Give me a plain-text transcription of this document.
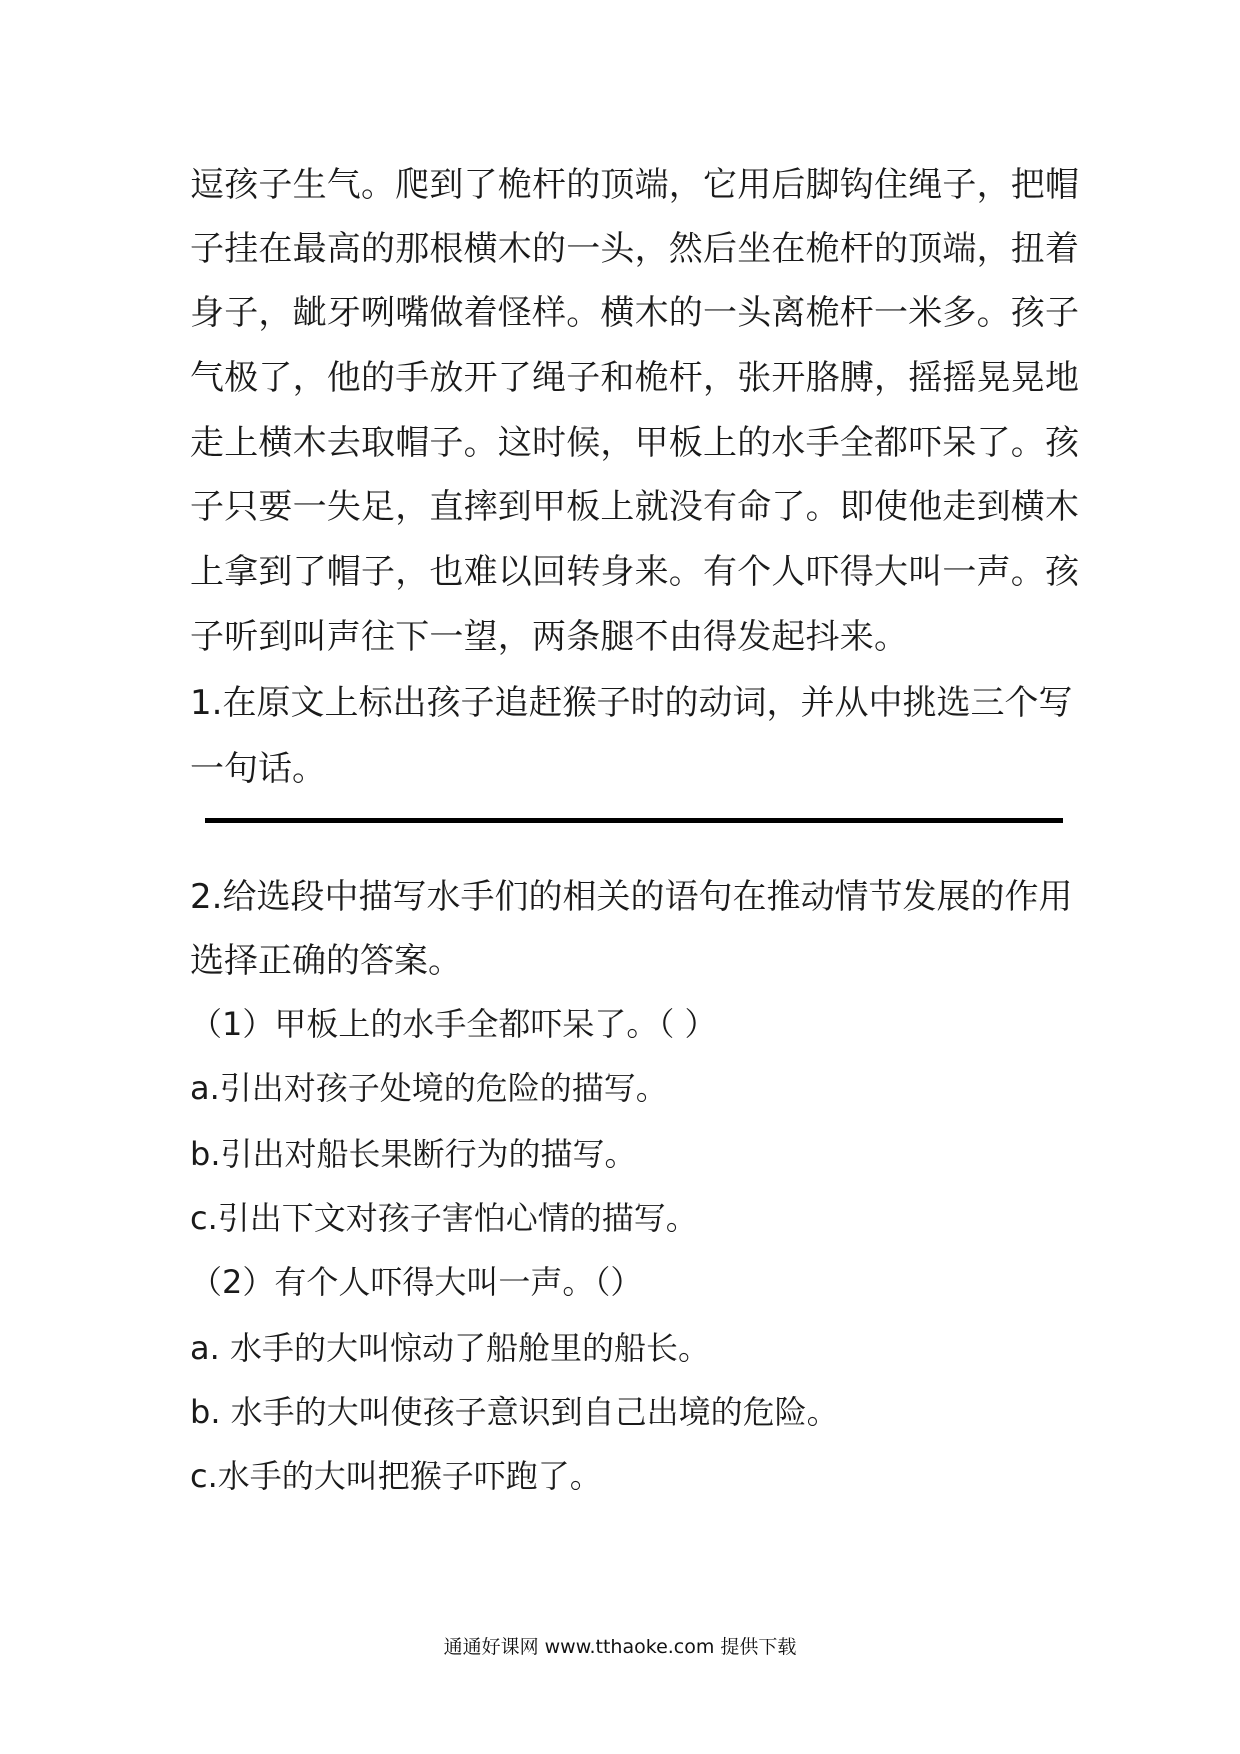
逗孩子生气。爬到了桅杆的顶端，它用后脚钩住绳子，把帽
子挂在最高的那根横木的一头，然后坐在桅杆的顶端，扭着
身子，龇牙咧嘴做着怪样。横木的一头离桅杆一米多。孩子
气极了，他的手放开了绳子和桅杆，张开胳膊，摇摇晃晃地
走上横木去取帽子。这时候，甲板上的水手全都吓呆了。孩
子只要一失足，直摔到甲板上就没有命了。即使他走到横木
上拿到了帽子，也难以回转身来。有个人吓得大叫一声。孩
子听到叫声往下一望，两条腿不由得发起抖来。
1.在原文上标出孩子追赶猴子时的动词，并从中挑选三个写
一句话。
2.给选段中描写水手们的相关的语句在推动情节发展的作用
选择正确的答案。
（1）甲板上的水手全都吓呆了。（ ）
a.引出对孩子处境的危险的描写。
b.引出对船长果断行为的描写。
c.引出下文对孩子害怕心情的描写。
（2）有个人吓得大叫一声。（）
a. 水手的大叫惊动了船舱里的船长。
b. 水手的大叫使孩子意识到自己出境的危险。
c.水手的大叫把猴子吓跑了。
通通好课网 www.tthaoke.com 提供下载
